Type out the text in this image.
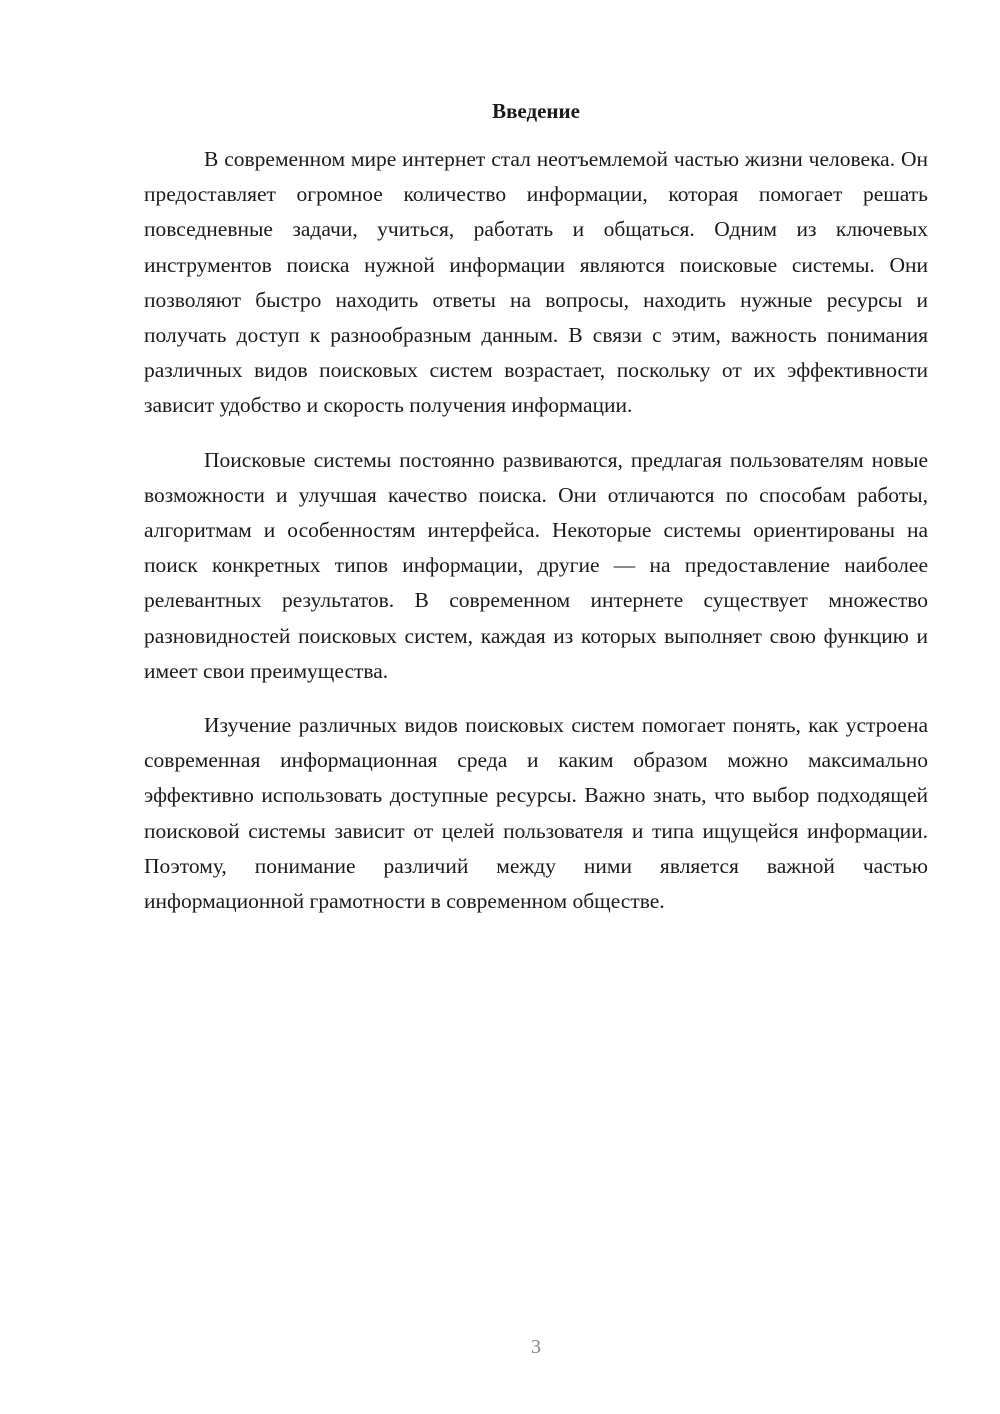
Введение

В современном мире интернет стал неотъемлемой частью жизни человека. Он предоставляет огромное количество информации, которая помогает решать повседневные задачи, учиться, работать и общаться. Одним из ключевых инструментов поиска нужной информации являются поисковые системы. Они позволяют быстро находить ответы на вопросы, находить нужные ресурсы и получать доступ к разнообразным данным. В связи с этим, важность понимания различных видов поисковых систем возрастает, поскольку от их эффективности зависит удобство и скорость получения информации.

Поисковые системы постоянно развиваются, предлагая пользователям новые возможности и улучшая качество поиска. Они отличаются по способам работы, алгоритмам и особенностям интерфейса. Некоторые системы ориентированы на поиск конкретных типов информации, другие — на предоставление наиболее релевантных результатов. В современном интернете существует множество разновидностей поисковых систем, каждая из которых выполняет свою функцию и имеет свои преимущества.

Изучение различных видов поисковых систем помогает понять, как устроена современная информационная среда и каким образом можно максимально эффективно использовать доступные ресурсы. Важно знать, что выбор подходящей поисковой системы зависит от целей пользователя и типа ищущейся информации. Поэтому, понимание различий между ними является важной частью информационной грамотности в современном обществе.

3
